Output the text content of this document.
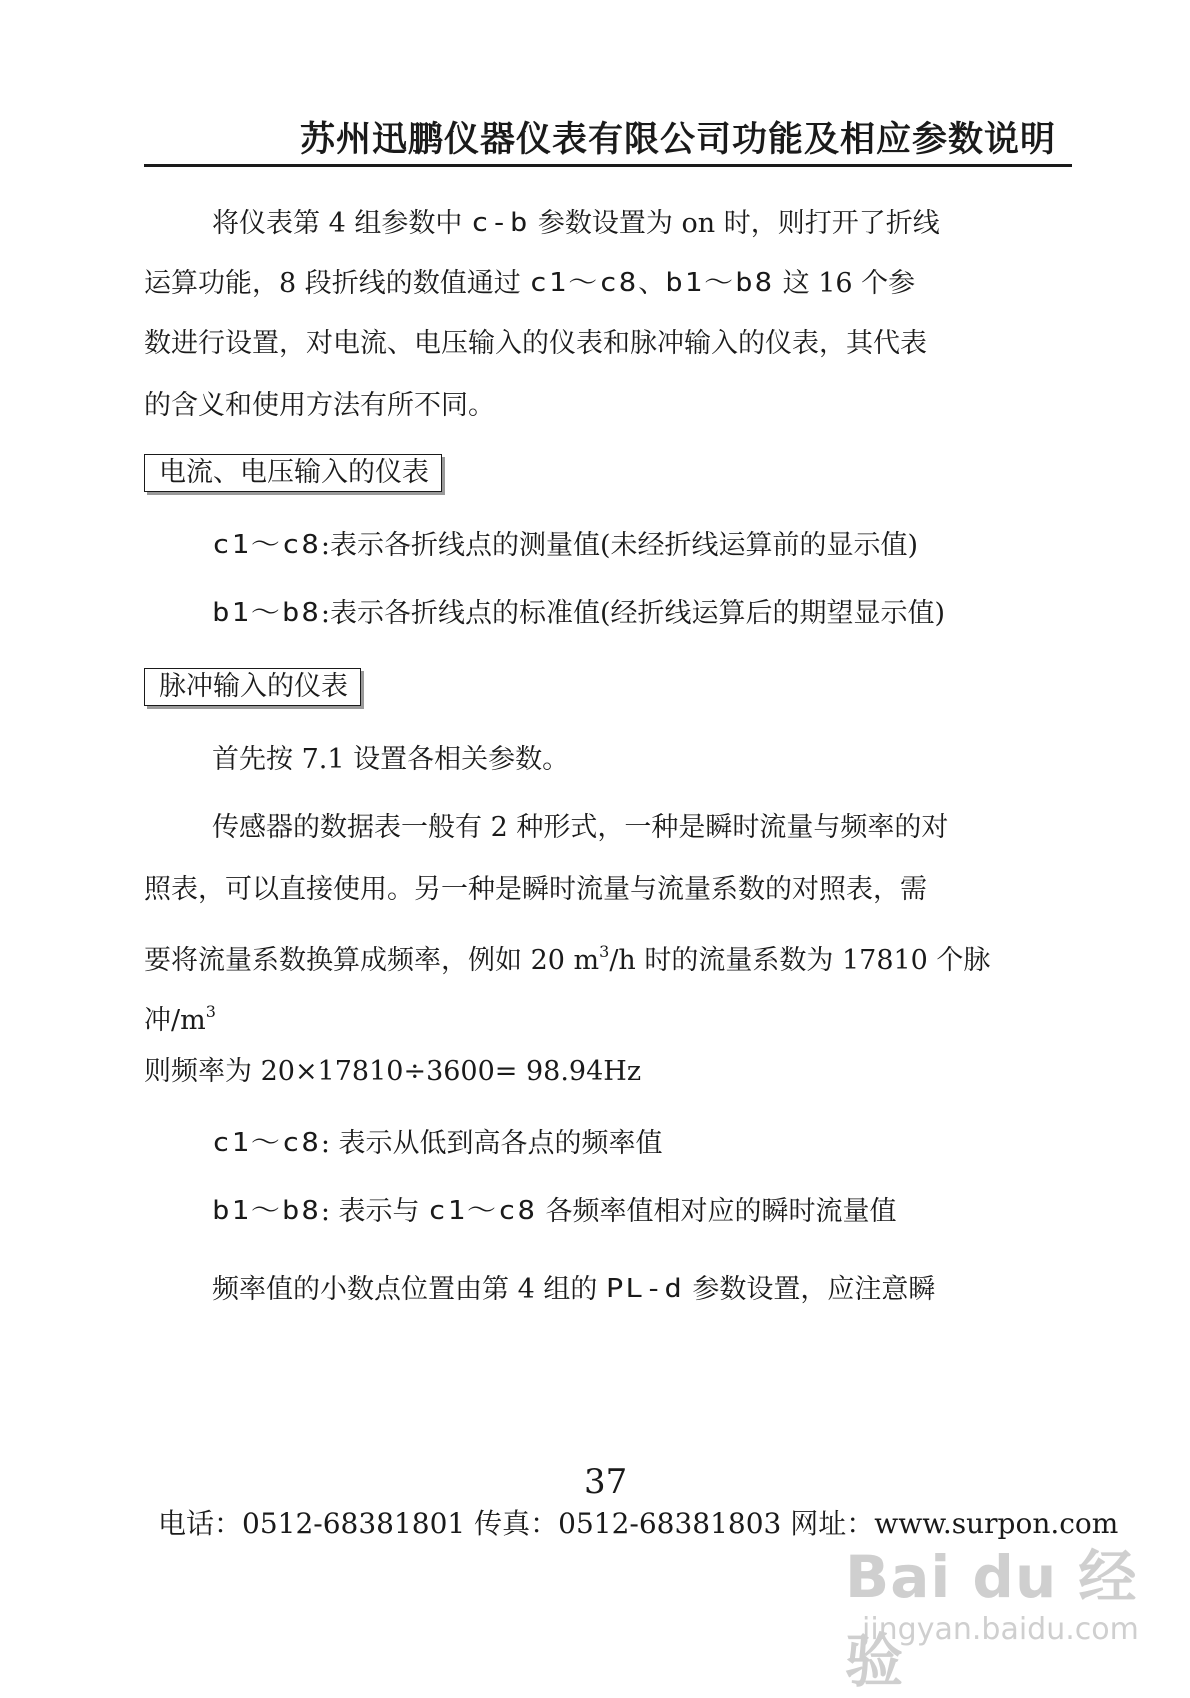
苏州迅鹏仪器仪表有限公司功能及相应参数说明
将仪表第 4 组参数中 c-b 参数设置为 on 时，则打开了折线
运算功能，8 段折线的数值通过 c1～c8、b1～b8 这 16 个参
数进行设置，对电流、电压输入的仪表和脉冲输入的仪表，其代表
的含义和使用方法有所不同。
电流、电压输入的仪表
c1～c8:表示各折线点的测量值(未经折线运算前的显示值)
b1～b8:表示各折线点的标准值(经折线运算后的期望显示值)
脉冲输入的仪表
首先按 7.1 设置各相关参数。
传感器的数据表一般有 2 种形式，一种是瞬时流量与频率的对
照表，可以直接使用。另一种是瞬时流量与流量系数的对照表，需
要将流量系数换算成频率，例如 20 $m^3/h$ 时的流量系数为 17810 个脉
冲$/m^3$
则频率为 20×17810÷3600= 98.94Hz
c1～c8: 表示从低到高各点的频率值
b1～b8: 表示与 c1～c8 各频率值相对应的瞬时流量值
频率值的小数点位置由第 4 组的 PL-d 参数设置，应注意瞬
37
电话：0512-68381801 传真：0512-68381803 网址：www.surpon.com
Bai du 经验
jingyan.baidu.com
